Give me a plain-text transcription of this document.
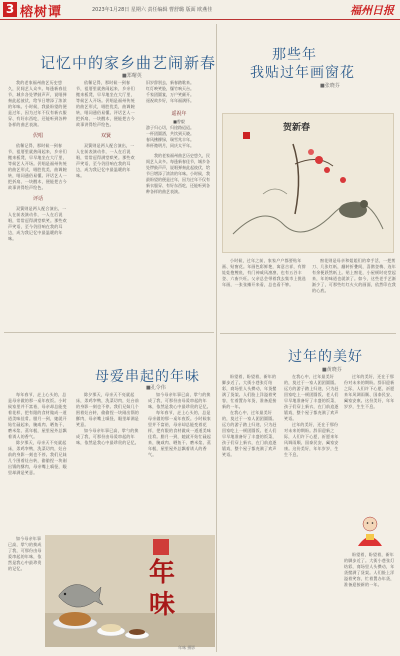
3 榕树谭	2023年1月28日 星期六 责任编辑 曹舒璐 版面 欧燕佳	福州日报
记忆中的家乡曲艺闹新春
■郑曙英

我的老家福州曲艺历史悠久，民间艺人众多。每逢新春佳节，城乡各处锣鼓声声，说唱弹奏此起彼伏，给节日增添了浓浓的年味。小时候，我最盼望的便是过年，因为过年不仅有新衣服穿、有好东西吃，还能听到各种各样的曲艺表演。

伬唱

依稀记得，那时候一到春节，祖厝里就热闹起来，乡亲们搬来板凳，早早地坐在大厅里，等候艺人开场。伬唱是福州传统的曲艺形式，唱腔优美，曲调婉转，唱词通俗易懂。评话艺人一把折扇、一块醒木，便能把古今故事讲得绘声绘色。

评话

双簧则是两人配合演出，一人在前表演动作，一人在后说唱，常常逗得满堂哄笑。那些欢声笑语，至今仍回响在我的耳边，成为我记忆中最温暖的年味。

依稀记得，那时候一到春节，祖厝里就热闹起来，乡亲们搬来板凳，早早地坐在大厅里，等候艺人开场。伬唱是福州传统的曲艺形式，唱腔优美，曲调婉转，唱词通俗易懂。评话艺人一把折扇、一块醒木，便能把古今故事讲得绘声绘色。

双簧

双簧则是两人配合演出，一人在前表演动作，一人在后说唱，常常逗得满堂哄笑。那些欢声笑语，至今仍回响在我的耳边，成为我记忆中最温暖的年味。

旧岁辞别去，新春踏歌来。
红灯映笑脸，爆竹响天台。
千家团圆宴，万户笑颜开。
遥祝故乡好，年年福满怀。
遥祝年
■曾毅
游子归心切，归途路迢迢。
一杯团圆酒，共饮到天晓。
春风拂柳绿，瑞雪兆丰年。
举杯邀明月，同庆太平年。

我的老家福州曲艺历史悠久，民间艺人众多。每逢新春佳节，城乡各处锣鼓声声，说唱弹奏此起彼伏，给节日增添了浓浓的年味。小时候，我最盼望的便是过年，因为过年不仅有新衣服穿、有好东西吃，还能听到各种各样的曲艺表演。

母爱串起的年味
■孔令伟

每年春节，走上心头的，总是母亲做的那一桌年夜饭。小时候家里并不富裕，母亲却总能变着花样，把有限的食材做成一道道美味佳肴。腊月一到，她就开始忙碌起来，腌咸肉、晒鱼干、磨米浆、蒸年糕，屋里屋外总飘着诱人的香气。

除夕那天，母亲天不亮就起床，杀鸡宰鸭，洗菜切肉，灶台前的身影一刻也不停。我们兄妹几个围着灶台转，偷偷捏一块刚出锅的酥肉，母亲嘴上嗔怪，眼里却满是笑意。

除夕那天，母亲天不亮就起床，杀鸡宰鸭，洗菜切肉，灶台前的身影一刻也不停。我们兄妹几个围着灶台转，偷偷捏一块刚出锅的酥肉，母亲嘴上嗔怪，眼里却满是笑意。

如今母亲年事已高，掌勺的换成了我，可那份由母爱串起的年味，依然是我心中最珍贵的记忆。

如今母亲年事已高，掌勺的换成了我，可那份由母爱串起的年味，依然是我心中最珍贵的记忆。

每年春节，走上心头的，总是母亲做的那一桌年夜饭。小时候家里并不富裕，母亲却总能变着花样，把有限的食材做成一道道美味佳肴。腊月一到，她就开始忙碌起来，腌咸肉、晒鱼干、磨米浆、蒸年糕，屋里屋外总飘着诱人的香气。

如今母亲年事已高，掌勺的换成了我，可那份由母爱串起的年味，依然是我心中最珍贵的记忆。	年味
年味 摄影
那些年
我贴过年画窗花
■张晓芬
贺新春

小时候，过年之前，家家户户都要贴年画、贴窗花。年画色彩鲜艳，寓意吉祥，有胖娃娃抱鲤鱼，有门神威风凛凛，也有五谷丰登、六畜兴旺。父亲总会带着我去集市上挑选年画，一张张摊开来看，总也看不够。

窗花则是母亲和姐姐们的拿手活，一把剪刀、几张红纸，翻转折叠间，喜鹊登梅、连年有余便跃然纸上。贴上窗花，小屋顿时亮堂起来，年的味道也就浓了。如今，这些老手艺渐渐少了，可那些红红火火的画面，依然印在我的心底。

过年的美好
■黄晓芬

盼望着，盼望着，新年的脚步近了。大街小巷张灯结彩，商场里人头攒动，年货摆满了货架。人们脸上洋溢着笑容，忙着置办年货，准备迎接新的一年。

在我心中，过年最美好的，莫过于一家人团团圆圆。远方的游子踏上归途，只为赶回家吃上一顿团圆饭。老人们早早地准备好了丰盛的饭菜，孩子们穿上新衣，在门前追逐嬉戏，整个屋子都充满了欢声笑语。

在我心中，过年最美好的，莫过于一家人团团圆圆。远方的游子踏上归途，只为赶回家吃上一顿团圆饭。老人们早早地准备好了丰盛的饭菜，孩子们穿上新衣，在门前追逐嬉戏，整个屋子都充满了欢声笑语。

过年的美好，还在于那份对未来的期盼。辞旧迎新之际，人们许下心愿，祈愿来年风调雨顺、国泰民安、阖家安康。这份美好，年年岁岁，生生不息。

过年的美好，还在于那份对未来的期盼。辞旧迎新之际，人们许下心愿，祈愿来年风调雨顺、国泰民安、阖家安康。这份美好，年年岁岁，生生不息。

盼望着，盼望着，新年的脚步近了。大街小巷张灯结彩，商场里人头攒动，年货摆满了货架。人们脸上洋溢着笑容，忙着置办年货，准备迎接新的一年。
